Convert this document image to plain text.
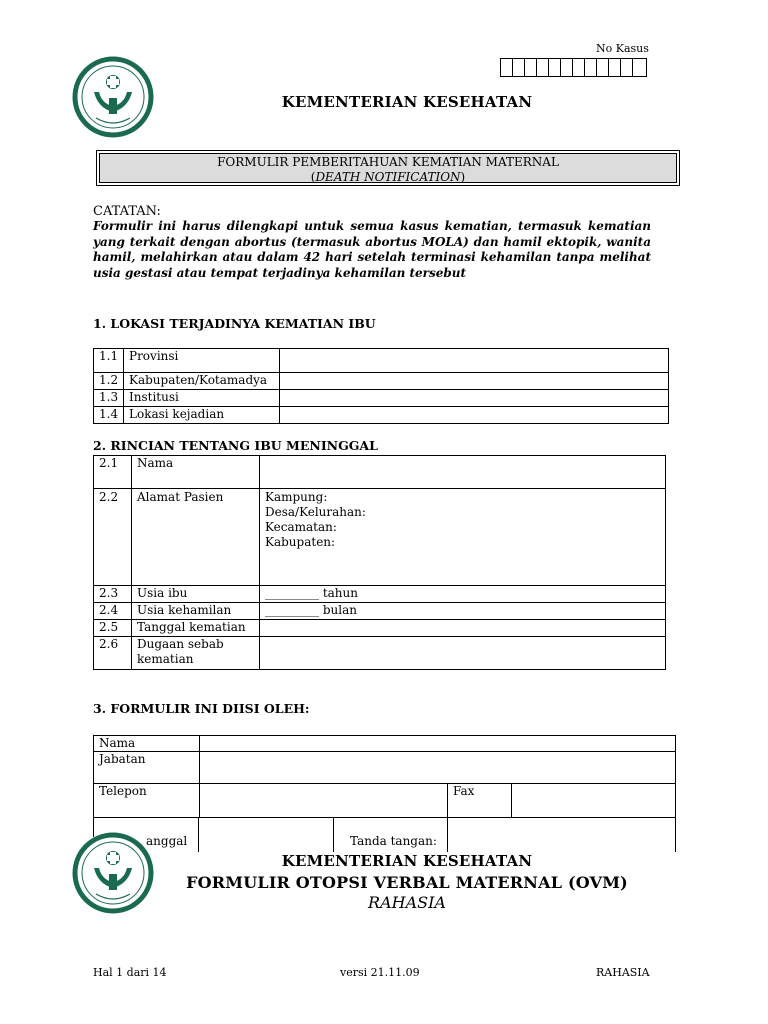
No Kasus
KEMENTERIAN KESEHATAN
FORMULIR PEMBERITAHUAN KEMATIAN MATERNAL
(DEATH NOTIFICATION)
CATATAN:
Formulir ini harus dilengkapi untuk semua kasus kematian, termasuk kematian yang terkait dengan abortus (termasuk abortus MOLA) dan hamil ektopik, wanita hamil, melahirkan atau dalam 42 hari setelah terminasi kehamilan tanpa melihat usia gestasi atau tempat terjadinya kehamilan tersebut
1. LOKASI TERJADINYA KEMATIAN IBU
1.1	Provinsi	
1.2	Kabupaten/Kotamadya	
1.3	Institusi	
1.4	Lokasi kejadian	
2. RINCIAN TENTANG IBU MENINGGAL
2.1	Nama	
2.2	Alamat Pasien	Kampung:
Desa/Kelurahan:
Kecamatan:
Kabupaten:

2.3	Usia ibu	_________ tahun
2.4	Usia kehamilan	_________ bulan
2.5	Tanggal kematian	
2.6	Dugaan sebab
kematian	

3. FORMULIR INI DIISI OLEH:
Nama			
Jabatan			
Telepon		Fax	
anggal	Tanda tangan:
KEMENTERIAN KESEHATAN
FORMULIR OTOPSI VERBAL MATERNAL (OVM)
RAHASIA
Hal 1 dari 14	versi 21.11.09	RAHASIA
